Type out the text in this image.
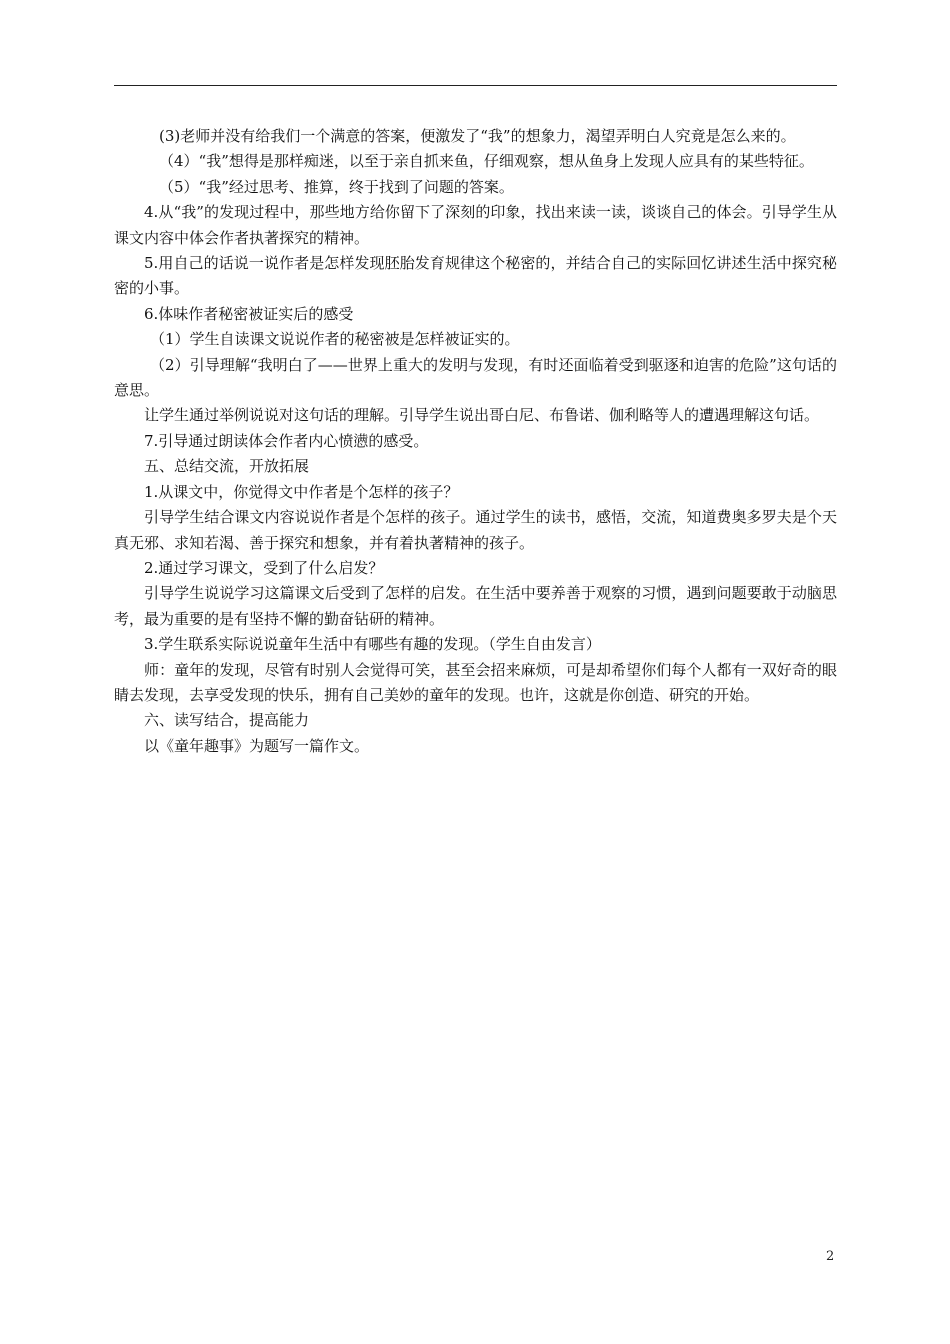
(3)老师并没有给我们一个满意的答案，便激发了“我”的想象力，渴望弄明白人究竟是怎么来的。

（4）“我”想得是那样痴迷，以至于亲自抓来鱼，仔细观察，想从鱼身上发现人应具有的某些特征。

（5）“我”经过思考、推算，终于找到了问题的答案。

4.从“我”的发现过程中，那些地方给你留下了深刻的印象，找出来读一读，谈谈自己的体会。引导学生从课文内容中体会作者执著探究的精神。

5.用自己的话说一说作者是怎样发现胚胎发育规律这个秘密的，并结合自己的实际回忆讲述生活中探究秘密的小事。

6.体味作者秘密被证实后的感受

（1）学生自读课文说说作者的秘密被是怎样被证实的。

（2）引导理解“我明白了——世界上重大的发明与发现，有时还面临着受到驱逐和迫害的危险”这句话的意思。

让学生通过举例说说对这句话的理解。引导学生说出哥白尼、布鲁诺、伽利略等人的遭遇理解这句话。

7.引导通过朗读体会作者内心愤懑的感受。

五、总结交流，开放拓展

1.从课文中，你觉得文中作者是个怎样的孩子？

引导学生结合课文内容说说作者是个怎样的孩子。通过学生的读书，感悟，交流，知道费奥多罗夫是个天真无邪、求知若渴、善于探究和想象，并有着执著精神的孩子。

2.通过学习课文，受到了什么启发？

引导学生说说学习这篇课文后受到了怎样的启发。在生活中要养善于观察的习惯，遇到问题要敢于动脑思考，最为重要的是有坚持不懈的勤奋钻研的精神。

3.学生联系实际说说童年生活中有哪些有趣的发现。（学生自由发言）

师：童年的发现，尽管有时别人会觉得可笑，甚至会招来麻烦，可是却希望你们每个人都有一双好奇的眼睛去发现，去享受发现的快乐，拥有自己美妙的童年的发现。也许，这就是你创造、研究的开始。

六、读写结合，提高能力

以《童年趣事》为题写一篇作文。

2
